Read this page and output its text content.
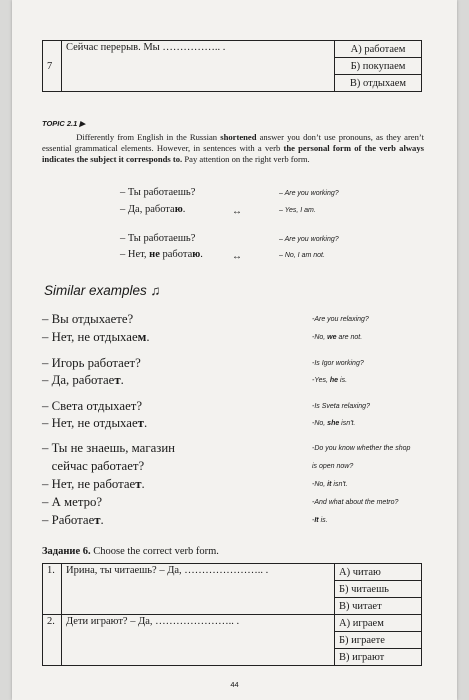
7	Сейчас перерыв. Мы …………….. .	А) работаем
Б) покупаем
В) отдыхаем
TOPIC 2.1 ▶
Differently from English in the Russian shortened answer you don’t use pronouns, as they aren’t essential grammatical elements. However, in sentences with a verb the personal form of the verb always indicates the subject it corresponds to. Pay attention on the right verb form.
– Ты работаешь?	– Are you working?
– Да, работаю.	↔	– Yes, I am.
– Ты работаешь?	– Are you working?
– Нет, не работаю.	↔	– No, I am not.
Similar examples ♫
– Вы отдыхаете?	-Are you relaxing?
– Нет, не отдыхаем.	-No, we are not.
– Игорь работает?	-Is Igor working?
– Да, работает.	-Yes, he is.
– Света отдыхает?	-Is Sveta relaxing?
– Нет, не отдыхает.	-No, she isn't.
– Ты не знаешь, магазин	-Do you know whether the shop
сейчас работает?	is open now?
– Нет, не работает.	-No, it isn't.
– А метро?	-And what about the metro?
– Работает.	-It is.
Задание 6. Choose the correct verb form.
1.	Ирина, ты читаешь? – Да, ………………….. .	А) читаю
		Б) читаешь
		В) читает
2.	Дети играют? – Да, ………………….. .	А) играем
		Б) играете
		В) играют
44
